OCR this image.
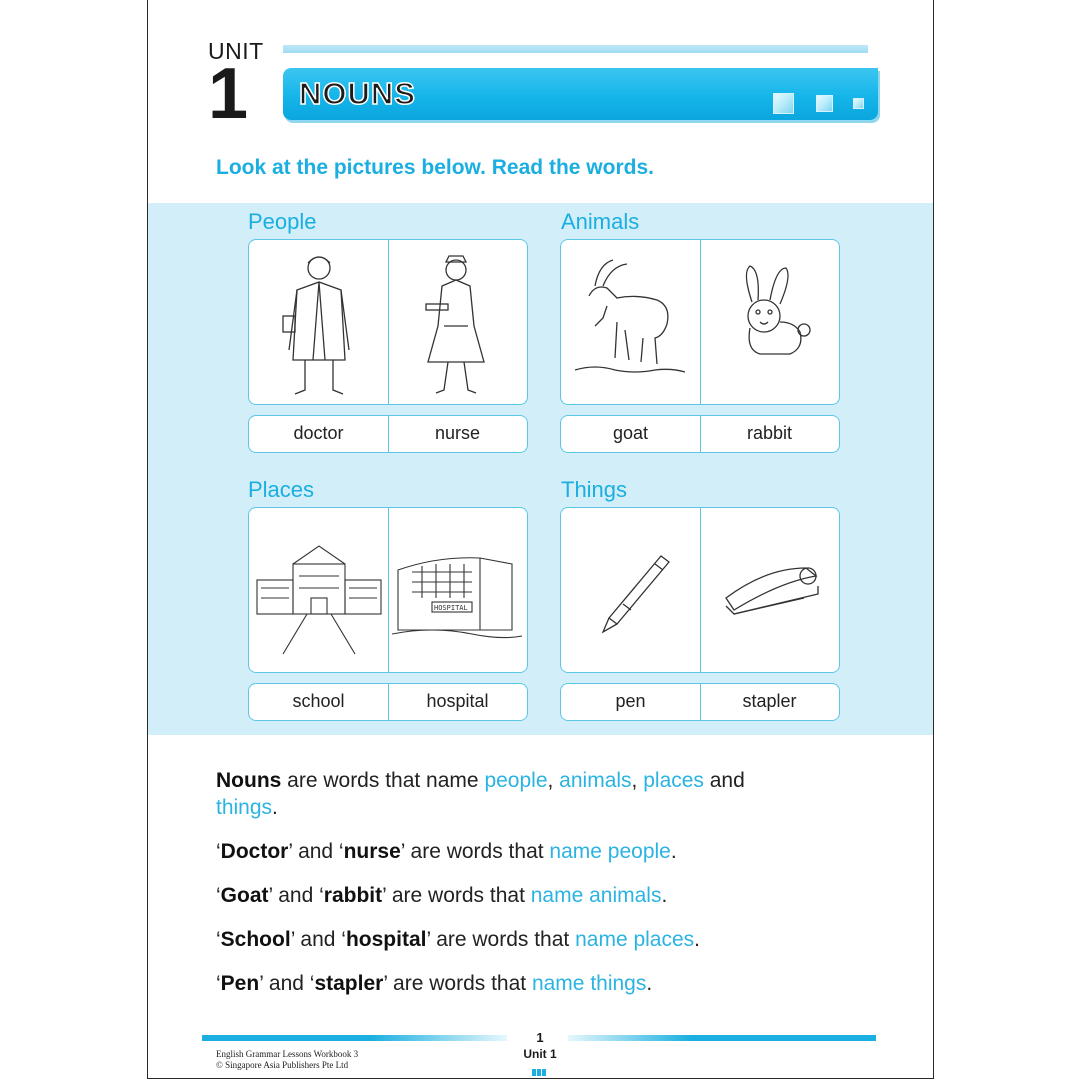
UNIT
1 NOUNS
Look at the pictures below. Read the words.
People
doctor	nurse
Animals
goat	rabbit
Places
HOSPITAL
school	hospital
Things
pen	stapler
Nouns are words that name people, animals, places and
things.
‘Doctor’ and ‘nurse’ are words that name people.
‘Goat’ and ‘rabbit’ are words that name animals.
‘School’ and ‘hospital’ are words that name places.
‘Pen’ and ‘stapler’ are words that name things.
1
Unit 1
English Grammar Lessons Workbook 3
© Singapore Asia Publishers Pte Ltd
